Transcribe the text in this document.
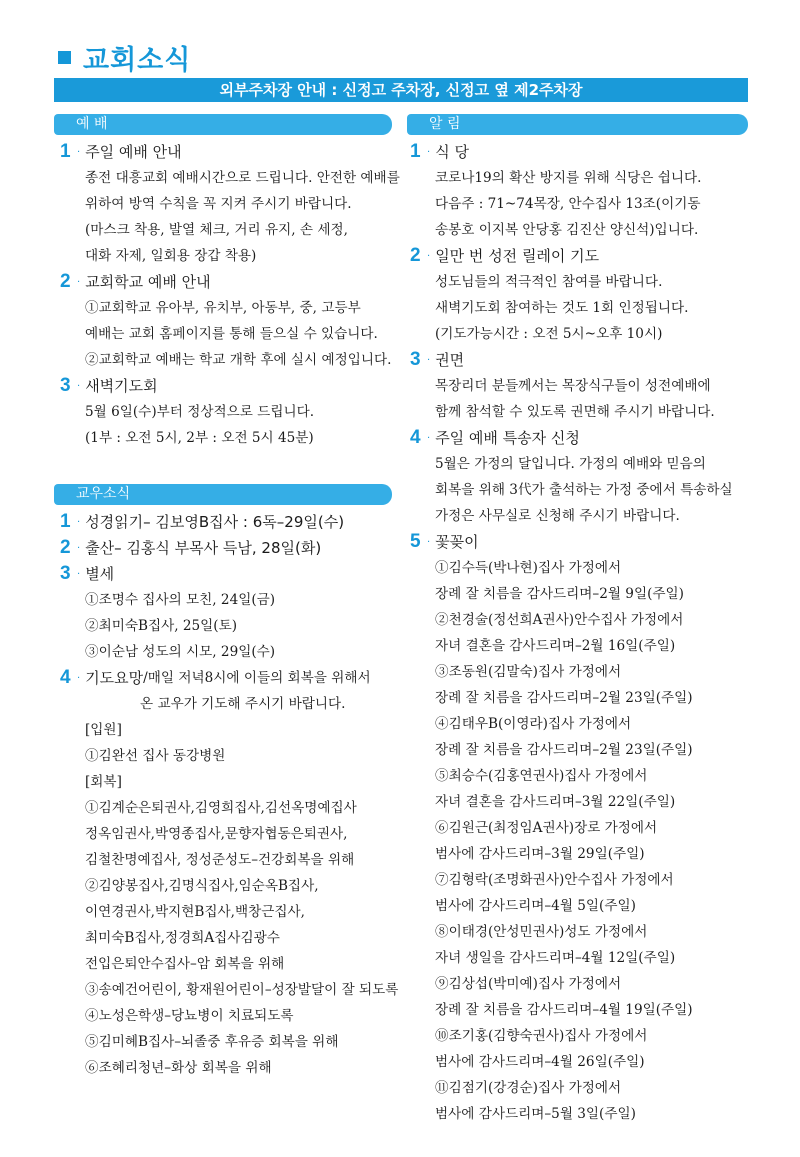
교회소식
외부주차장 안내 : 신정고 주차장, 신정고 옆 제2주차장
예 배
1 · 주일 예배 안내
종전 대흥교회 예배시간으로 드립니다. 안전한 예배를
위하여 방역 수칙을 꼭 지켜 주시기 바랍니다.
(마스크 착용, 발열 체크, 거리 유지, 손 세정,
대화 자제, 일회용 장갑 착용)
2 · 교회학교 예배 안내
①교회학교 유아부, 유치부, 아동부, 중, 고등부
예배는 교회 홈페이지를 통해 들으실 수 있습니다.
②교회학교 예배는 학교 개학 후에 실시 예정입니다.
3 · 새벽기도회
5월 6일(수)부터 정상적으로 드립니다.
(1부 : 오전 5시, 2부 : 오전 5시 45분)
교우소식
1 · 성경읽기 – 김보영B집사 : 6독–29일(수)
2 · 출산 – 김홍식 부목사 득남, 28일(화)
3 · 별세
①조명수 집사의 모친, 24일(금)
②최미숙B집사, 25일(토)
③이순남 성도의 시모, 29일(수)
4 · 기도요망 /매일 저녁8시에 이들의 회복을 위해서
온 교우가 기도해 주시기 바랍니다.
[입원]
①김완선 집사 동강병원
[회복]
①김계순은퇴권사,김영희집사,김선옥명예집사
정옥임권사,박영종집사,문향자협동은퇴권사,
김철찬명예집사, 정성준성도–건강회복을 위해
②김양봉집사,김명식집사,임순옥B집사,
이연경권사,박지현B집사,백창근집사,
최미숙B집사,정경희A집사김광수
전입은퇴안수집사–암 회복을 위해
③송예건어린이, 황재원어린이–성장발달이 잘 되도록
④노성은학생–당뇨병이 치료되도록
⑤김미혜B집사–뇌졸중 후유증 회복을 위해
⑥조혜리청년–화상 회복을 위해
알 림
1 · 식 당
코로나19의 확산 방지를 위해 식당은 쉽니다.
다음주 : 71~74목장, 안수집사 13조(이기동
송봉호 이지복 안당홍 김진산 양신석)입니다.
2 · 일만 번 성전 릴레이 기도
성도님들의 적극적인 참여를 바랍니다.
새벽기도회 참여하는 것도 1회 인정됩니다.
(기도가능시간 : 오전 5시~오후 10시)
3 · 권면
목장리더 분들께서는 목장식구들이 성전예배에
함께 참석할 수 있도록 권면해 주시기 바랍니다.
4 · 주일 예배 특송자 신청
5월은 가정의 달입니다. 가정의 예배와 믿음의
회복을 위해 3代가 출석하는 가정 중에서 특송하실
가정은 사무실로 신청해 주시기 바랍니다.
5 · 꽃꽂이
①김수득(박나현)집사 가정에서
장례 잘 치름을 감사드리며–2월 9일(주일)
②천경술(정선희A권사)안수집사 가정에서
자녀 결혼을 감사드리며–2월 16일(주일)
③조동원(김말숙)집사 가정에서
장례 잘 치름을 감사드리며–2월 23일(주일)
④김태우B(이영라)집사 가정에서
장례 잘 치름을 감사드리며–2월 23일(주일)
⑤최승수(김홍연권사)집사 가정에서
자녀 결혼을 감사드리며–3월 22일(주일)
⑥김원근(최정임A권사)장로 가정에서
범사에 감사드리며–3월 29일(주일)
⑦김형락(조명화권사)안수집사 가정에서
범사에 감사드리며–4월 5일(주일)
⑧이태경(안성민권사)성도 가정에서
자녀 생일을 감사드리며–4월 12일(주일)
⑨김상섭(박미예)집사 가정에서
장례 잘 치름을 감사드리며–4월 19일(주일)
⑩조기홍(김향숙권사)집사 가정에서
범사에 감사드리며–4월 26일(주일)
⑪김점기(강경순)집사 가정에서
범사에 감사드리며–5월 3일(주일)
